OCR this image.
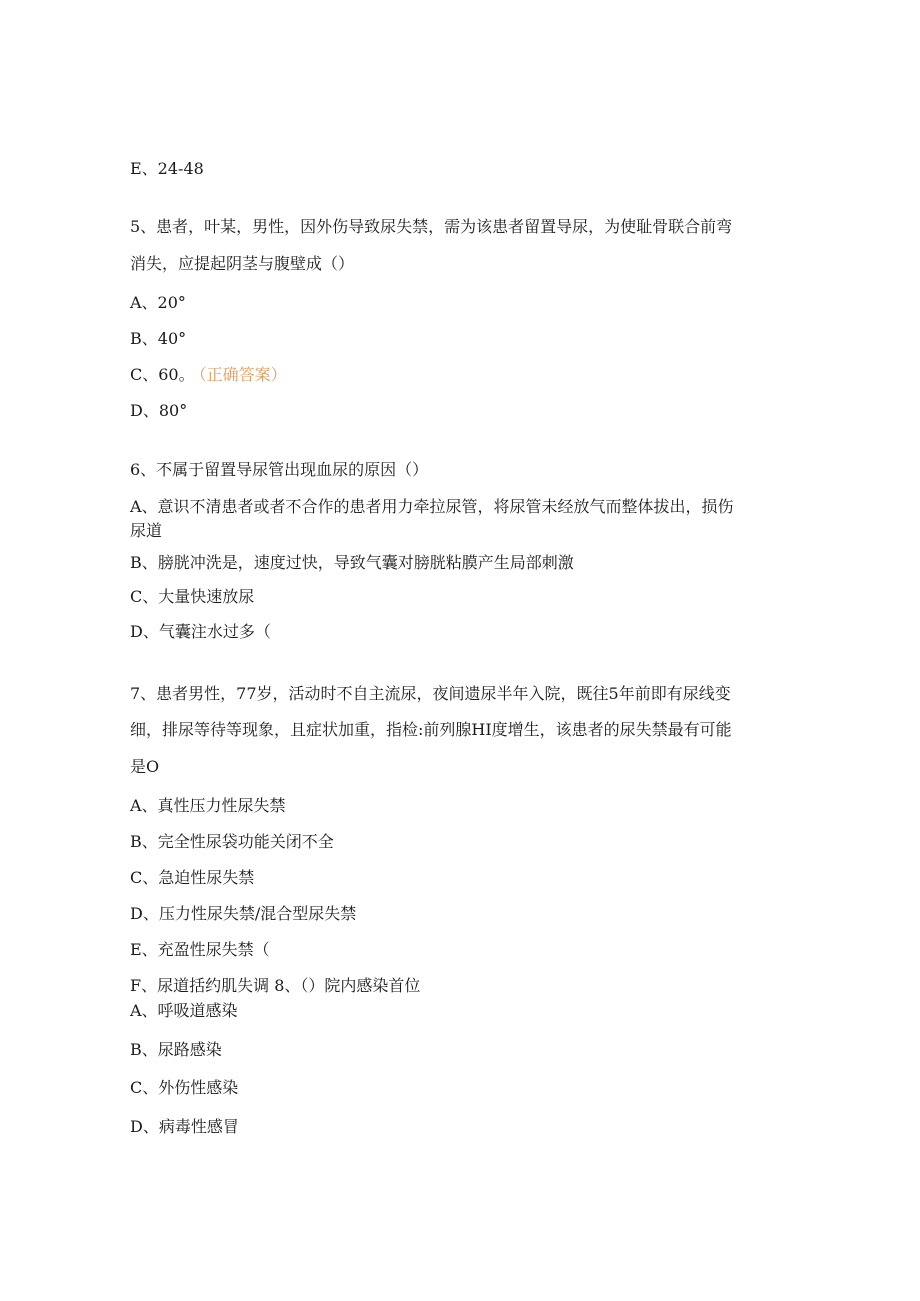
E、24-48
5、患者，叶某，男性，因外伤导致尿失禁，需为该患者留置导尿，为使耻骨联合前弯
消失，应提起阴茎与腹壁成（）
A、20°
B、40°
C、60。 （正确答案）
D、80°
6、不属于留置导尿管出现血尿的原因（）
A、意识不清患者或者不合作的患者用力牵拉尿管，将尿管未经放气而整体拔出，损伤
尿道
B、膀胱冲洗是，速度过快，导致气囊对膀胱粘膜产生局部刺激
C、大量快速放尿
D、气囊注水过多（
7、患者男性，77岁，活动时不自主流尿，夜间遗尿半年入院，既往5年前即有尿线变
细，排尿等待等现象，且症状加重，指检:前列腺HI度增生，该患者的尿失禁最有可能
是O
A、真性压力性尿失禁
B、完全性尿袋功能关闭不全
C、急迫性尿失禁
D、压力性尿失禁/混合型尿失禁
E、充盈性尿失禁（
F、尿道括约肌失调 8、（）院内感染首位
A、呼吸道感染
B、尿路感染
C、外伤性感染
D、病毒性感冒
